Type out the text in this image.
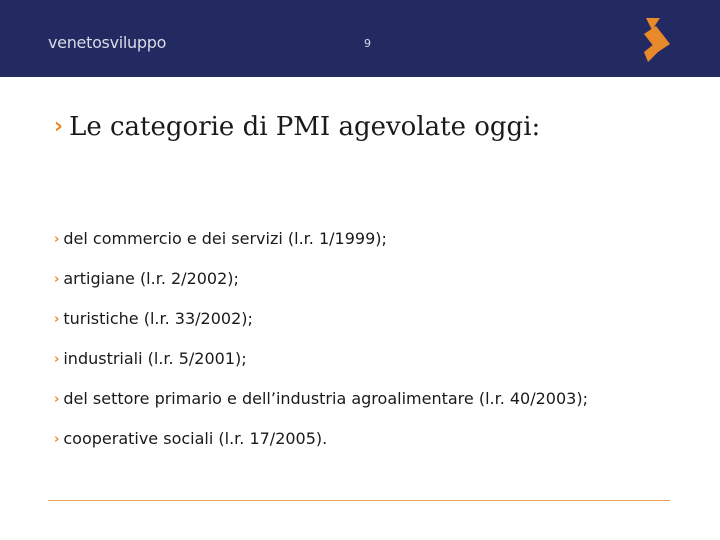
venetosviluppo	9
› Le categorie di PMI agevolate oggi:
› del commercio e dei servizi (l.r. 1/1999);
› artigiane (l.r. 2/2002);
› turistiche (l.r. 33/2002);
› industriali (l.r. 5/2001);
› del settore primario e dell’industria agroalimentare (l.r. 40/2003);
› cooperative sociali (l.r. 17/2005).
